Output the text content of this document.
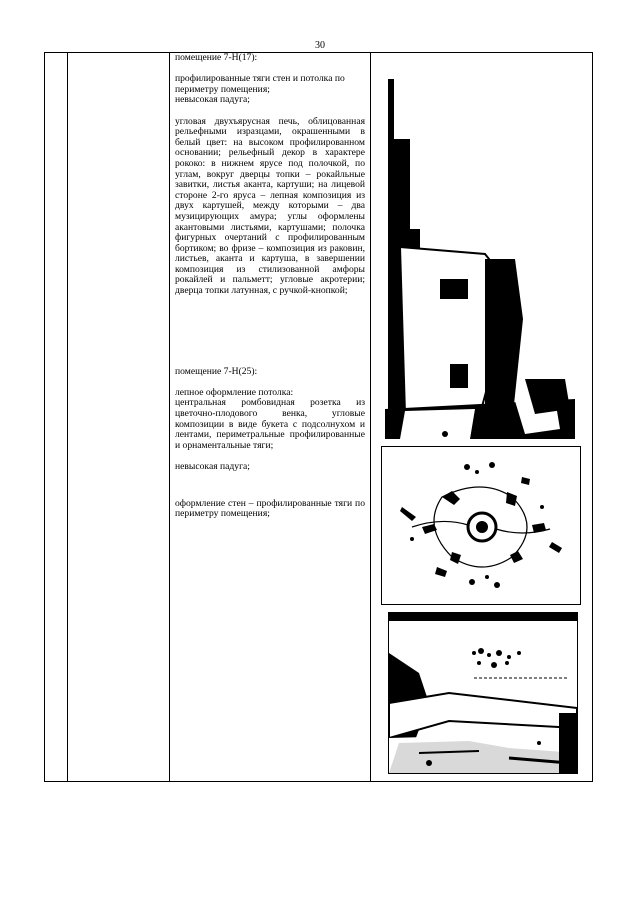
30

помещение 7-Н(17):

профилированные тяги стен и потолка по периметру помещения;

невысокая падуга;

угловая двухъярусная печь, облицованная рельефными изразцами, окрашенными в белый цвет: на высоком профилированном основании; рельефный декор в характере рококо: в нижнем ярусе под полочкой, по углам, вокруг дверцы топки – рокайльные завитки, листья аканта, картуши; на лицевой стороне 2-го яруса – лепная композиция из двух картушей, между которыми – два музицирующих амура; углы оформлены акантовыми листьями, картушами; полочка фигурных очертаний с профилированным бортиком; во фризе – композиция из раковин, листьев, аканта и картуша, в завершении композиция из стилизованной амфоры рокайлей и пальметт; угловые акротерии; дверца топки латунная, с ручкой-кнопкой;

помещение 7-Н(25):

лепное оформление потолка:

центральная ромбовидная розетка из цветочно-плодового венка, угловые композиции в виде букета с подсолнухом и лентами, периметральные профилированные и орнаментальные тяги;

невысокая падуга;

оформление стен – профилированные тяги по периметру помещения;
